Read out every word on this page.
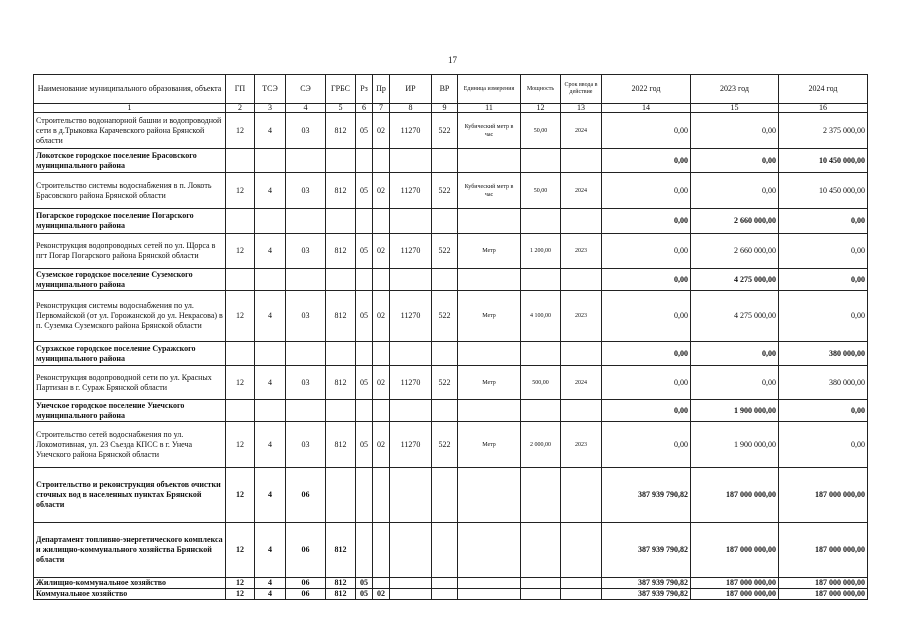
17
Наименование муниципального образования, объекта	ГП	ТСЭ	СЭ	ГРБС	Рз	Пр	ИР	ВР	Единица измерения	Мощность	Срок ввода в действие	2022 год	2023 год	2024 год
1	2	3	4	5	6	7	8	9	11	12	13	14	15	16
Строительство водонапорной башни и водопроводной сети в д.Трыковка Карачевского района Брянской области	12	4	03	812	05	02	11270	522	Кубический метр в час	50,00	2024	0,00	0,00	2 375 000,00
Локотское городское поселение Брасовского муниципального района												0,00	0,00	10 450 000,00
Строительство системы водоснабжения в п. Локоть Брасовского района Брянской области	12	4	03	812	05	02	11270	522	Кубический метр в час	50,00	2024	0,00	0,00	10 450 000,00
Погарское городское поселение Погарского муниципального района												0,00	2 660 000,00	0,00
Реконструкция водопроводных сетей по ул. Щорса в пгт Погар Погарского района Брянской области	12	4	03	812	05	02	11270	522	Метр	1 200,00	2023	0,00	2 660 000,00	0,00
Суземское городское поселение Суземского муниципального района												0,00	4 275 000,00	0,00
Реконструкция системы водоснабжения по ул. Первомайской (от ул. Горожанской до ул. Некрасова) в п. Суземка Суземского района Брянской области	12	4	03	812	05	02	11270	522	Метр	4 100,00	2023	0,00	4 275 000,00	0,00
Сурзжское городское поселение Суражского муниципального района												0,00	0,00	380 000,00
Реконструкция водопроводной сети по ул. Красных Партизан в г. Сураж Брянской области	12	4	03	812	05	02	11270	522	Метр	500,00	2024	0,00	0,00	380 000,00
Унечское городское поселение Унечского муниципального района												0,00	1 900 000,00	0,00
Строительство сетей водоснабжения по ул. Локомотивная, ул. 23 Съезда КПСС в г. Унеча Унечского района Брянской области	12	4	03	812	05	02	11270	522	Метр	2 000,00	2023	0,00	1 900 000,00	0,00
Строительство и реконструкция объектов очистки сточных вод в населенных пунктах Брянской области	12	4	06									387 939 790,82	187 000 000,00	187 000 000,00
Департамент топливно-энергетического комплекса и жилищно-коммунального хозяйства Брянской области	12	4	06	812								387 939 790,82	187 000 000,00	187 000 000,00
Жилищно-коммунальное хозяйство	12	4	06	812	05							387 939 790,82	187 000 000,00	187 000 000,00
Коммунальное хозяйство	12	4	06	812	05	02						387 939 790,82	187 000 000,00	187 000 000,00
